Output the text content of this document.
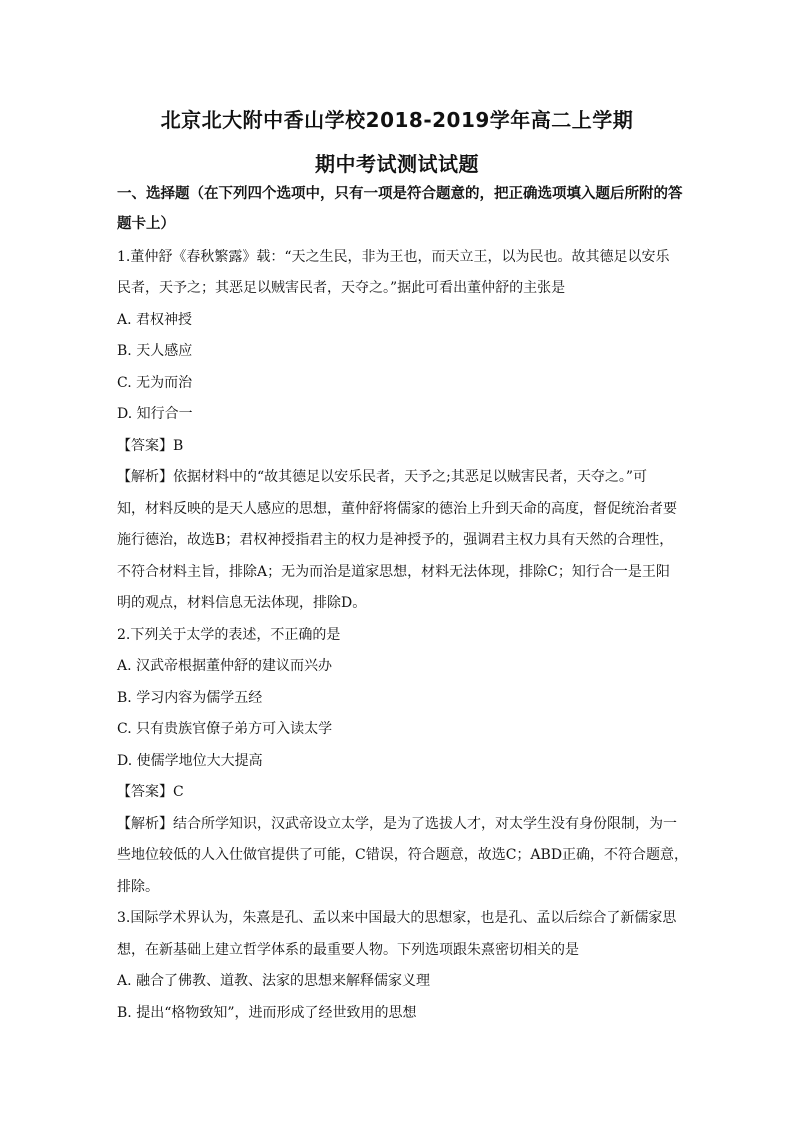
北京北大附中香山学校2018-2019学年高二上学期
期中考试测试试题
一、选择题（在下列四个选项中，只有一项是符合题意的，把正确选项填入题后所附的答
题卡上）
1.董仲舒《春秋繁露》载：“天之生民，非为王也，而天立王，以为民也。故其德足以安乐
民者，天予之；其恶足以贼害民者，天夺之。”据此可看出董仲舒的主张是
A. 君权神授
B. 天人感应
C. 无为而治
D. 知行合一
【答案】B
【解析】依据材料中的“故其德足以安乐民者，天予之;其恶足以贼害民者，天夺之。”可
知，材料反映的是天人感应的思想，董仲舒将儒家的德治上升到天命的高度，督促统治者要
施行德治，故选B；君权神授指君主的权力是神授予的，强调君主权力具有天然的合理性，
不符合材料主旨，排除A；无为而治是道家思想，材料无法体现，排除C；知行合一是王阳
明的观点，材料信息无法体现，排除D。
2.下列关于太学的表述，不正确的是
A. 汉武帝根据董仲舒的建议而兴办
B. 学习内容为儒学五经
C. 只有贵族官僚子弟方可入读太学
D. 使儒学地位大大提高
【答案】C
【解析】结合所学知识，汉武帝设立太学，是为了选拔人才，对太学生没有身份限制，为一
些地位较低的人入仕做官提供了可能，C错误，符合题意，故选C；ABD正确，不符合题意，
排除。
3.国际学术界认为，朱熹是孔、孟以来中国最大的思想家，也是孔、孟以后综合了新儒家思
想，在新基础上建立哲学体系的最重要人物。下列选项跟朱熹密切相关的是
A. 融合了佛教、道教、法家的思想来解释儒家义理
B. 提出“格物致知”，进而形成了经世致用的思想
